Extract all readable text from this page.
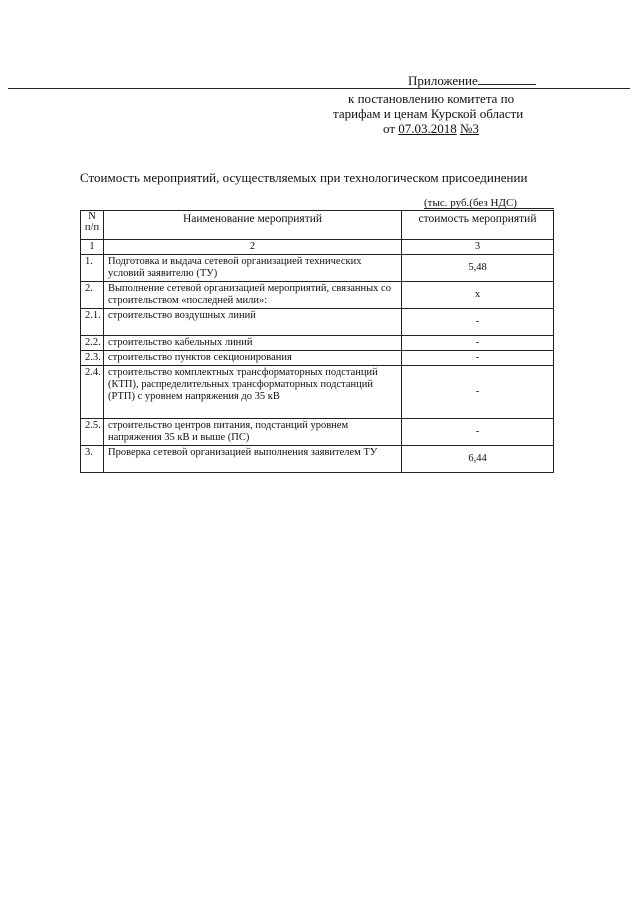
Приложение
к постановлению комитета по
тарифам и ценам Курской области
от 07.03.2018 №3
Стоимость мероприятий, осуществляемых при технологическом присоединении
(тыс. руб.(без НДС)
N п/п	Наименование мероприятий	стоимость мероприятий
1	2	3
1.	Подготовка и выдача сетевой организацией технических условий заявителю (ТУ)	5,48
2.	Выполнение сетевой организацией мероприятий, связанных со строительством «последней мили»:	х
2.1.	строительство воздушных линий	-
2.2.	строительство кабельных линий	-
2.3.	строительство пунктов секционирования	-
2.4.	строительство комплектных трансформаторных подстанций (КТП), распределительных трансформаторных подстанций (РТП) с уровнем напряжения до 35 кВ	-
2.5.	строительство центров питания, подстанций уровнем напряжения 35 кВ и выше (ПС)	-
3.	Проверка сетевой организацией выполнения заявителем ТУ	6,44
